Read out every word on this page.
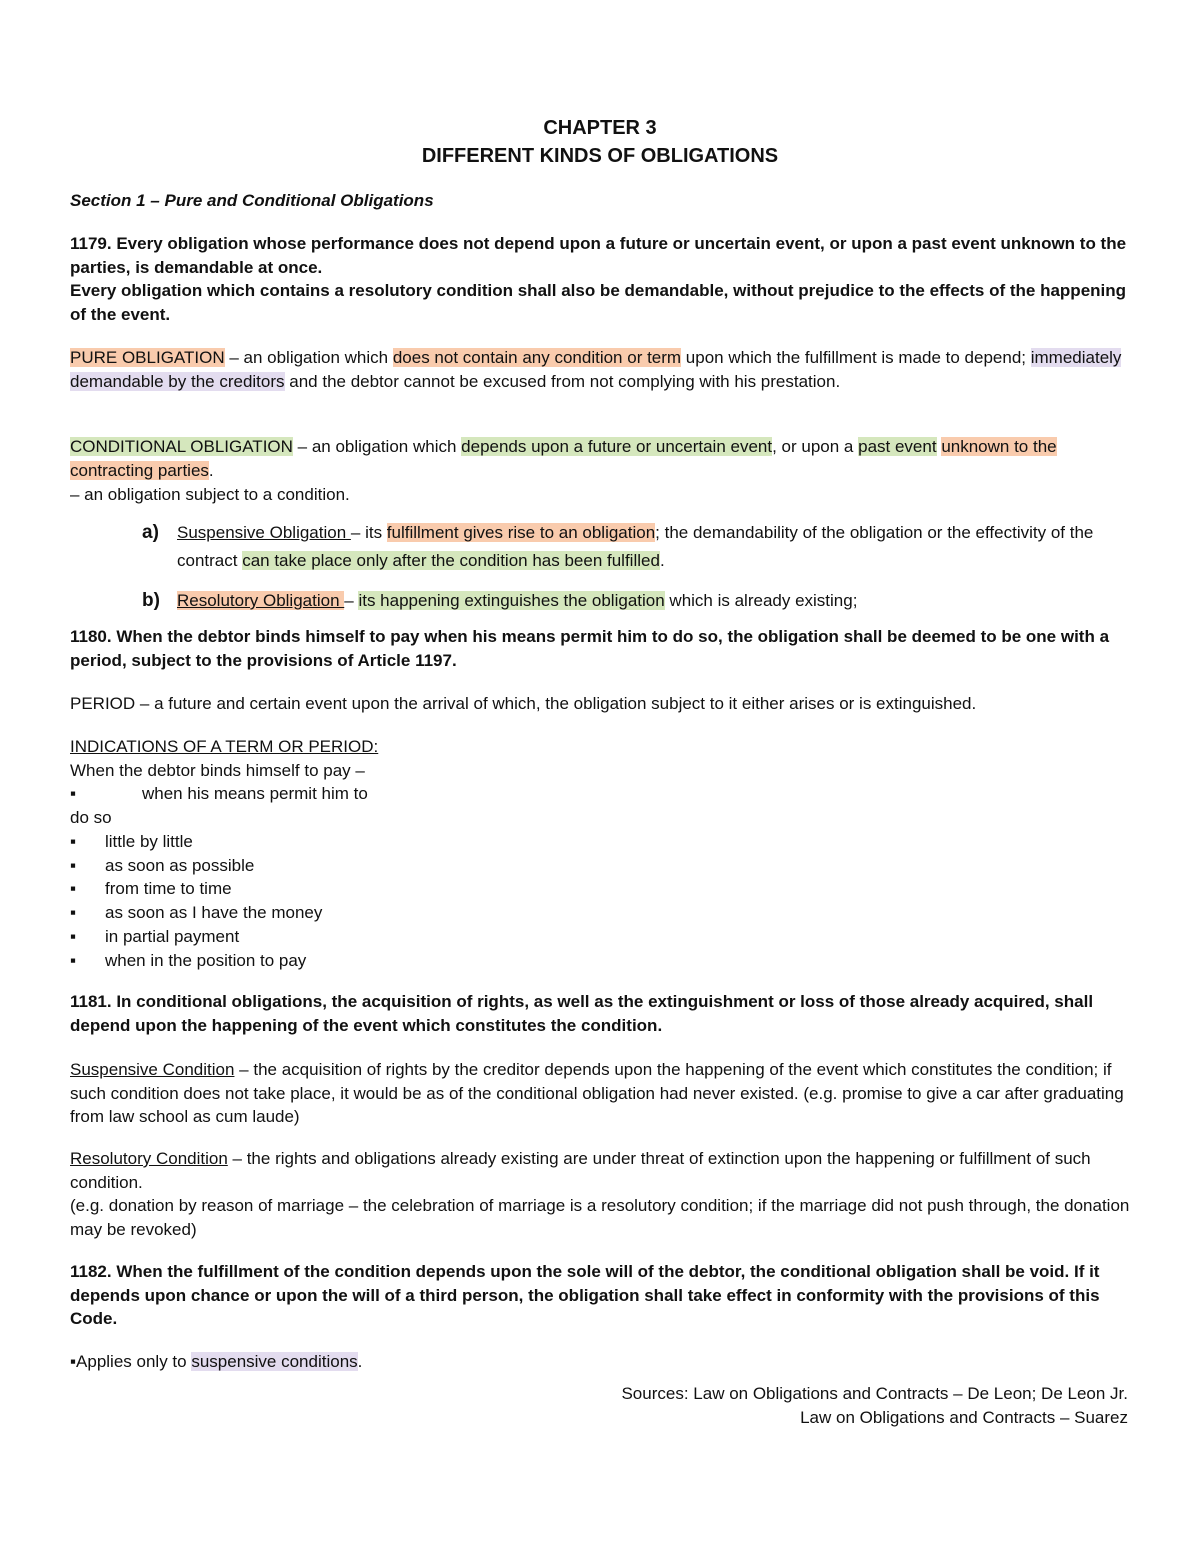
CHAPTER 3
DIFFERENT KINDS OF OBLIGATIONS
Section 1 – Pure and Conditional Obligations
1179. Every obligation whose performance does not depend upon a future or uncertain event, or upon a past event unknown to the parties, is demandable at once.
Every obligation which contains a resolutory condition shall also be demandable, without prejudice to the effects of the happening of the event.
PURE OBLIGATION – an obligation which does not contain any condition or term upon which the fulfillment is made to depend; immediately demandable by the creditors and the debtor cannot be excused from not complying with his prestation.
CONDITIONAL OBLIGATION – an obligation which depends upon a future or uncertain event, or upon a past event unknown to the contracting parties.
– an obligation subject to a condition.
a) Suspensive Obligation – its fulfillment gives rise to an obligation; the demandability of the obligation or the effectivity of the contract can take place only after the condition has been fulfilled.
b) Resolutory Obligation – its happening extinguishes the obligation which is already existing;
1180. When the debtor binds himself to pay when his means permit him to do so, the obligation shall be deemed to be one with a period, subject to the provisions of Article 1197.
PERIOD – a future and certain event upon the arrival of which, the obligation subject to it either arises or is extinguished.
INDICATIONS OF A TERM OR PERIOD:
When the debtor binds himself to pay –
▪	when his means permit him to
do so
▪ little by little
▪ as soon as possible
▪ from time to time
▪ as soon as I have the money
▪ in partial payment
▪ when in the position to pay
1181. In conditional obligations, the acquisition of rights, as well as the extinguishment or loss of those already acquired, shall depend upon the happening of the event which constitutes the condition.
Suspensive Condition – the acquisition of rights by the creditor depends upon the happening of the event which constitutes the condition; if such condition does not take place, it would be as of the conditional obligation had never existed. (e.g. promise to give a car after graduating from law school as cum laude)
Resolutory Condition – the rights and obligations already existing are under threat of extinction upon the happening or fulfillment of such condition.
(e.g. donation by reason of marriage – the celebration of marriage is a resolutory condition; if the marriage did not push through, the donation may be revoked)
1182. When the fulfillment of the condition depends upon the sole will of the debtor, the conditional obligation shall be void. If it depends upon chance or upon the will of a third person, the obligation shall take effect in conformity with the provisions of this Code.
▪Applies only to suspensive conditions.
Sources: Law on Obligations and Contracts – De Leon; De Leon Jr.
Law on Obligations and Contracts – Suarez
